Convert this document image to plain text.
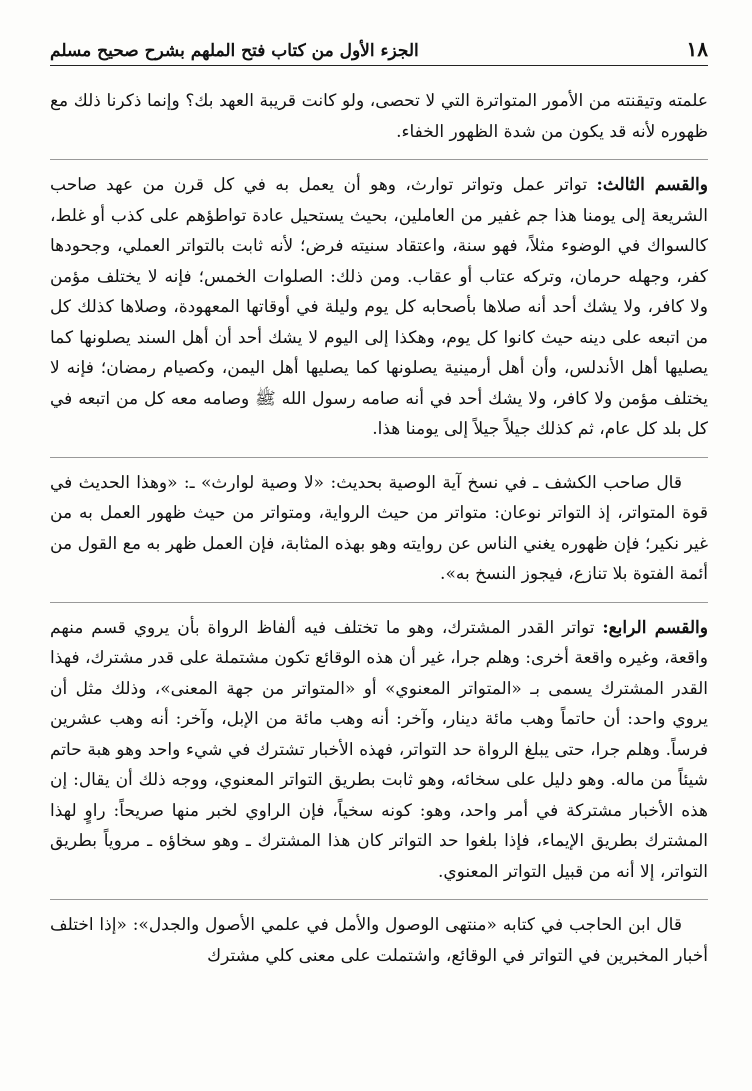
الجزء الأول من كتاب فتح الملهم بشرح صحيح مسلم	١٨

علمته وتيقنته من الأمور المتواترة التي لا تحصى، ولو كانت قريبة العهد بك؟ وإنما ذكرنا ذلك مع ظهوره لأنه قد يكون من شدة الظهور الخفاء.

والقسم الثالث: تواتر عمل وتواتر توارث، وهو أن يعمل به في كل قرن من عهد صاحب الشريعة إلى يومنا هذا جم غفير من العاملين، بحيث يستحيل عادة تواطؤهم على كذب أو غلط، كالسواك في الوضوء مثلاً، فهو سنة، واعتقاد سنيته فرض؛ لأنه ثابت بالتواتر العملي، وجحودها كفر، وجهله حرمان، وتركه عتاب أو عقاب. ومن ذلك: الصلوات الخمس؛ فإنه لا يختلف مؤمن ولا كافر، ولا يشك أحد أنه صلاها بأصحابه كل يوم وليلة في أوقاتها المعهودة، وصلاها كذلك كل من اتبعه على دينه حيث كانوا كل يوم، وهكذا إلى اليوم لا يشك أحد أن أهل السند يصلونها كما يصليها أهل الأندلس، وأن أهل أرمينية يصلونها كما يصليها أهل اليمن، وكصيام رمضان؛ فإنه لا يختلف مؤمن ولا كافر، ولا يشك أحد في أنه صامه رسول الله ﷺ وصامه معه كل من اتبعه في كل بلد كل عام، ثم كذلك جيلاً جيلاً إلى يومنا هذا.

قال صاحب الكشف ـ في نسخ آية الوصية بحديث: «لا وصية لوارث» ـ: «وهذا الحديث في قوة المتواتر، إذ التواتر نوعان: متواتر من حيث الرواية، ومتواتر من حيث ظهور العمل به من غير نكير؛ فإن ظهوره يغني الناس عن روايته وهو بهذه المثابة، فإن العمل ظهر به مع القول من أئمة الفتوة بلا تنازع، فيجوز النسخ به».

والقسم الرابع: تواتر القدر المشترك، وهو ما تختلف فيه ألفاظ الرواة بأن يروي قسم منهم واقعة، وغيره واقعة أخرى: وهلم جرا، غير أن هذه الوقائع تكون مشتملة على قدر مشترك، فهذا القدر المشترك يسمى بـ «المتواتر المعنوي» أو «المتواتر من جهة المعنى»، وذلك مثل أن يروي واحد: أن حاتماً وهب مائة دينار، وآخر: أنه وهب مائة من الإبل، وآخر: أنه وهب عشرين فرساً. وهلم جرا، حتى يبلغ الرواة حد التواتر، فهذه الأخبار تشترك في شيء واحد وهو هبة حاتم شيئاً من ماله. وهو دليل على سخائه، وهو ثابت بطريق التواتر المعنوي، ووجه ذلك أن يقال: إن هذه الأخبار مشتركة في أمر واحد، وهو: كونه سخياً، فإن الراوي لخبر منها صريحاً: راوٍ لهذا المشترك بطريق الإيماء، فإذا بلغوا حد التواتر كان هذا المشترك ـ وهو سخاؤه ـ مروياً بطريق التواتر، إلا أنه من قبيل التواتر المعنوي.

قال ابن الحاجب في كتابه «منتهى الوصول والأمل في علمي الأصول والجدل»: «إذا اختلف أخبار المخبرين في التواتر في الوقائع، واشتملت على معنى كلي مشترك
